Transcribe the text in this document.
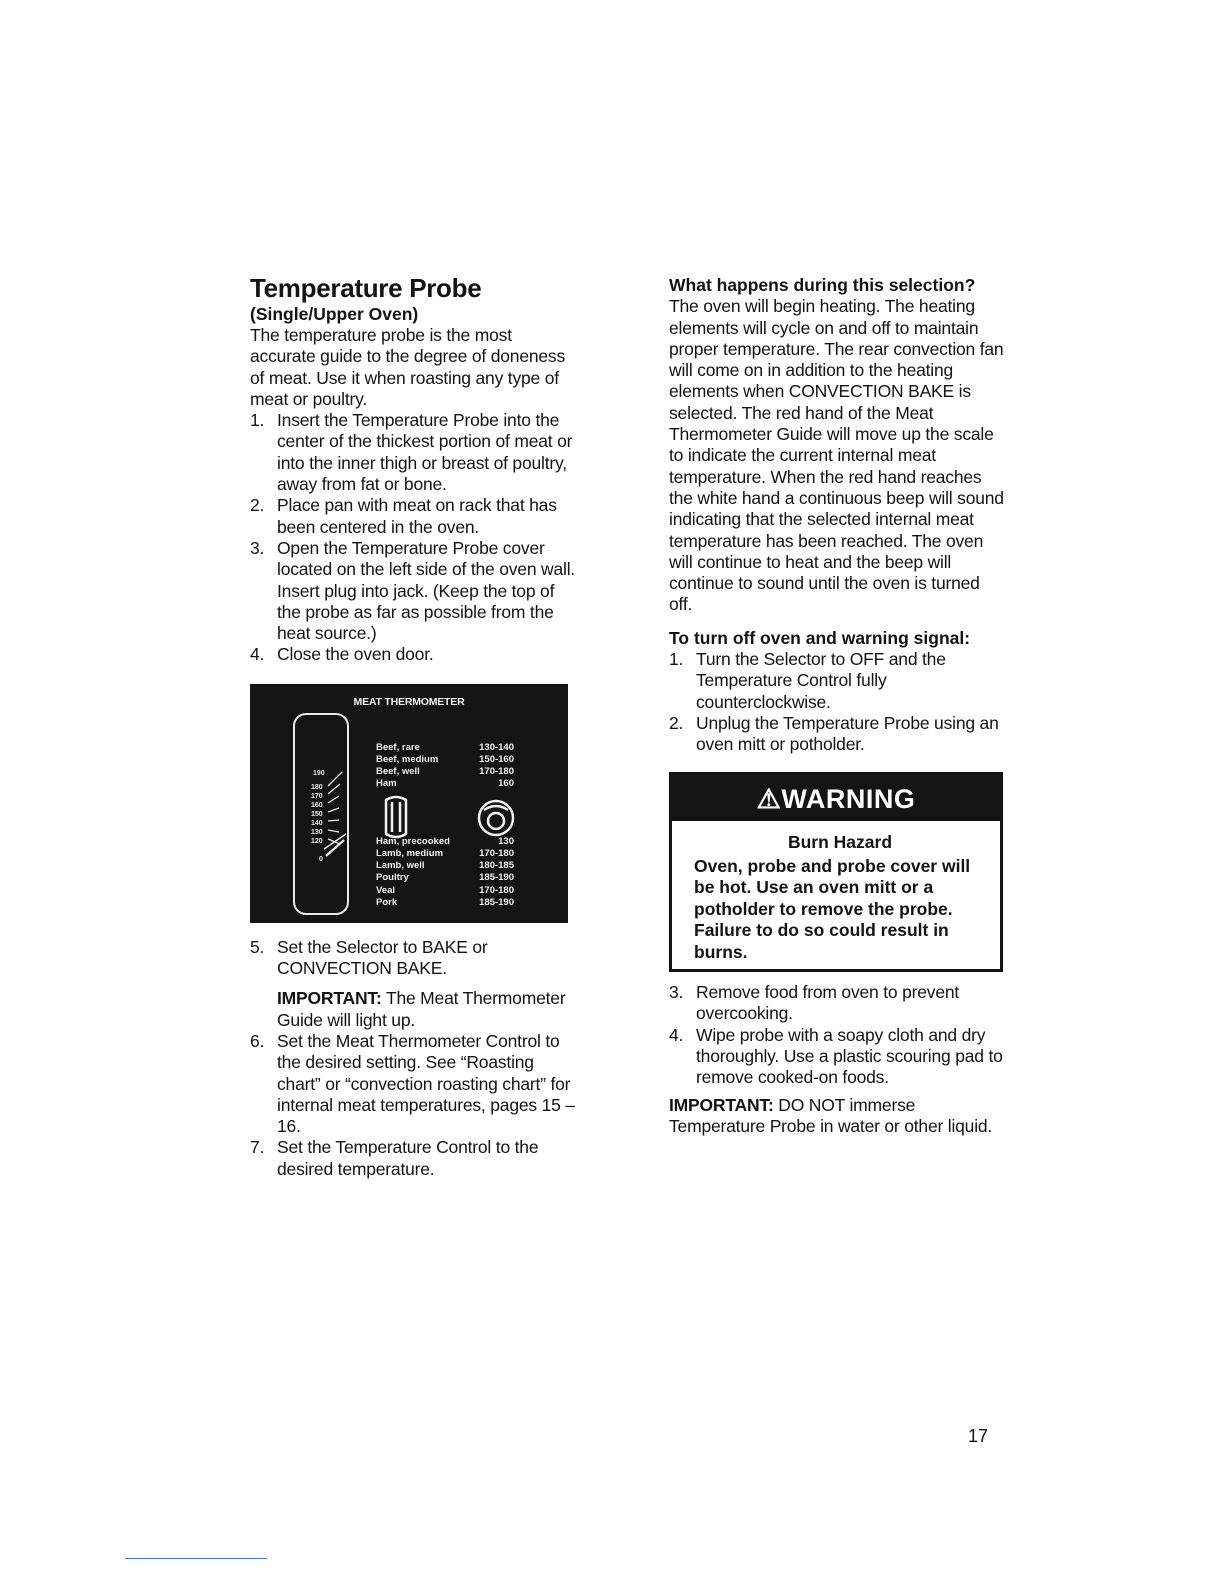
Temperature Probe
(Single/Upper Oven)
The temperature probe is the most accurate guide to the degree of doneness of meat. Use it when roasting any type of meat or poultry.
1. Insert the Temperature Probe into the center of the thickest portion of meat or into the inner thigh or breast of poultry, away from fat or bone.
2. Place pan with meat on rack that has been centered in the oven.
3. Open the Temperature Probe cover located on the left side of the oven wall. Insert plug into jack. (Keep the top of the probe as far as possible from the heat source.)
4. Close the oven door.
MEAT THERMOMETER
190
180
170
160
150
140
130
120
0
Beef, rare	130-140
Beef, medium	150-160
Beef, well	170-180
Ham	160
Ham, precooked	130
Lamb, medium	170-180
Lamb, well	180-185
Poultry	185-190
Veal	170-180
Pork	185-190
5. Set the Selector to BAKE or CONVECTION BAKE.
IMPORTANT: The Meat Thermometer Guide will light up.
6. Set the Meat Thermometer Control to the desired setting. See “Roasting chart” or “convection roasting chart” for internal meat temperatures, pages 15 – 16.
7. Set the Temperature Control to the desired temperature.
What happens during this selection?
The oven will begin heating. The heating elements will cycle on and off to maintain proper temperature. The rear convection fan will come on in addition to the heating elements when CONVECTION BAKE is selected. The red hand of the Meat Thermometer Guide will move up the scale to indicate the current internal meat temperature. When the red hand reaches the white hand a continuous beep will sound indicating that the selected internal meat temperature has been reached. The oven will continue to heat and the beep will continue to sound until the oven is turned off.
To turn off oven and warning signal:
1. Turn the Selector to OFF and the Temperature Control fully counterclockwise.
2. Unplug the Temperature Probe using an oven mitt or potholder.
⚠WARNING
Burn Hazard
Oven, probe and probe cover will be hot. Use an oven mitt or a potholder to remove the probe. Failure to do so could result in burns.
3. Remove food from oven to prevent overcooking.
4. Wipe probe with a soapy cloth and dry thoroughly. Use a plastic scouring pad to remove cooked-on foods.
IMPORTANT: DO NOT immerse Temperature Probe in water or other liquid.
17
